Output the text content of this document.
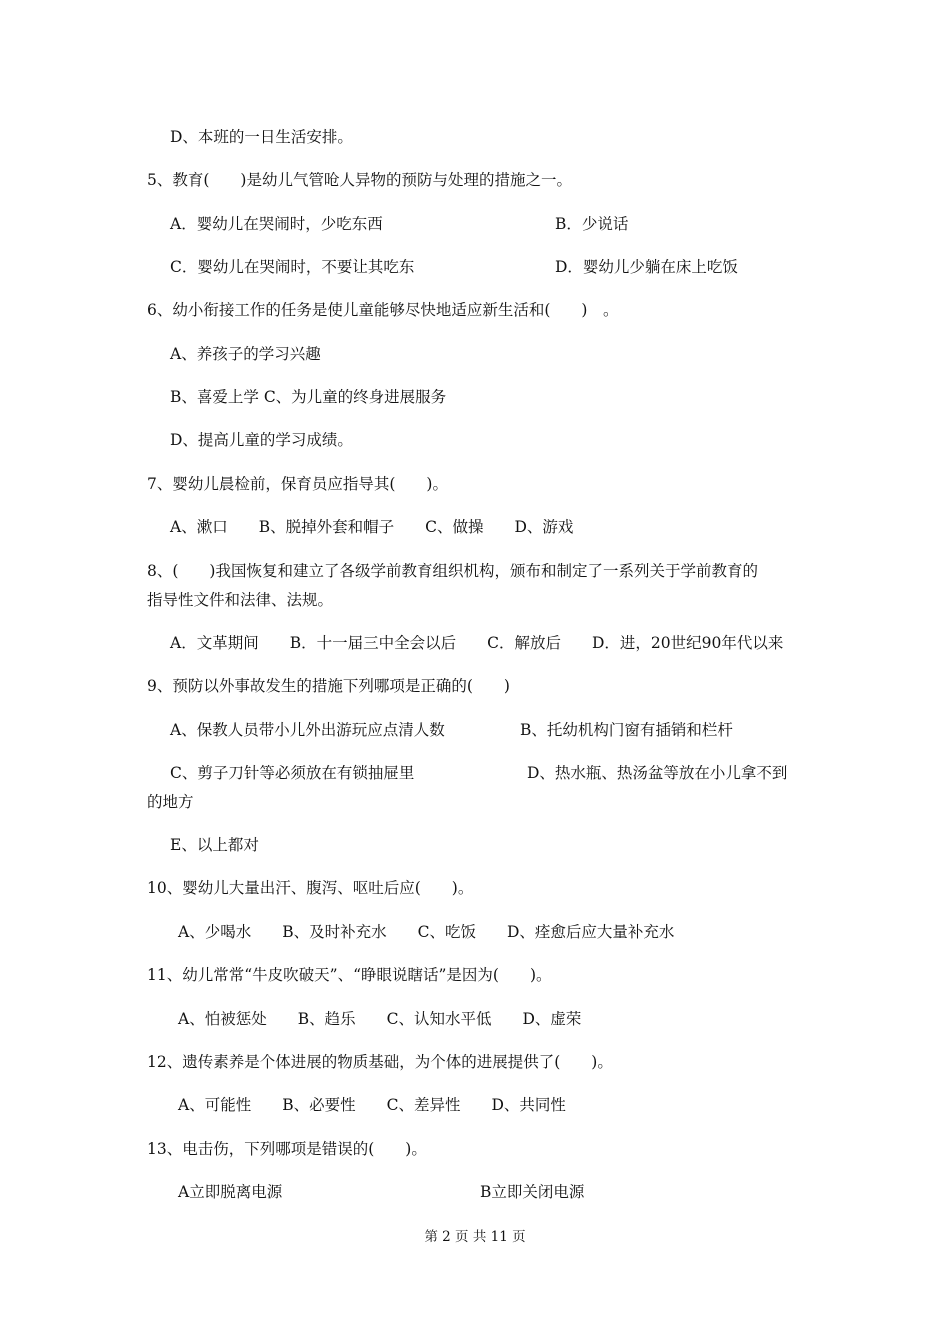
D、本班的一日生活安排。
5、教育(　　)是幼儿气管呛人异物的预防与处理的措施之一。
A．婴幼儿在哭闹时，少吃东西	B．少说话
C．婴幼儿在哭闹时，不要让其吃东	D．婴幼儿少躺在床上吃饭
6、幼小衔接工作的任务是使儿童能够尽快地适应新生活和(　　)　。
A、养孩子的学习兴趣
B、喜爱上学 C、为儿童的终身进展服务
D、提高儿童的学习成绩。
7、婴幼儿晨检前，保育员应指导其(　　)。
A、漱口　　B、脱掉外套和帽子　　C、做操　　D、游戏
8、(　　)我国恢复和建立了各级学前教育组织机构，颁布和制定了一系列关于学前教育的
指导性文件和法律、法规。
A．文革期间　　B．十一届三中全会以后　　C．解放后　　D．进，20世纪90年代以来
9、预防以外事故发生的措施下列哪项是正确的(　　)
A、保教人员带小儿外出游玩应点清人数	B、托幼机构门窗有插销和栏杆
C、剪子刀针等必须放在有锁抽屉里	D、热水瓶、热汤盆等放在小儿拿不到
的地方
E、以上都对
10、婴幼儿大量出汗、腹泻、呕吐后应(　　)。
A、少喝水　　B、及时补充水　　C、吃饭　　D、痊愈后应大量补充水
11、幼儿常常“牛皮吹破天”、“睁眼说瞎话”是因为(　　)。
A、怕被惩处　　B、趋乐　　C、认知水平低　　D、虚荣
12、遗传素养是个体进展的物质基础，为个体的进展提供了(　　)。
A、可能性　　B、必要性　　C、差异性　　D、共同性
13、电击伤，下列哪项是错误的(　　)。
A立即脱离电源	B立即关闭电源
第 2 页 共 11 页
